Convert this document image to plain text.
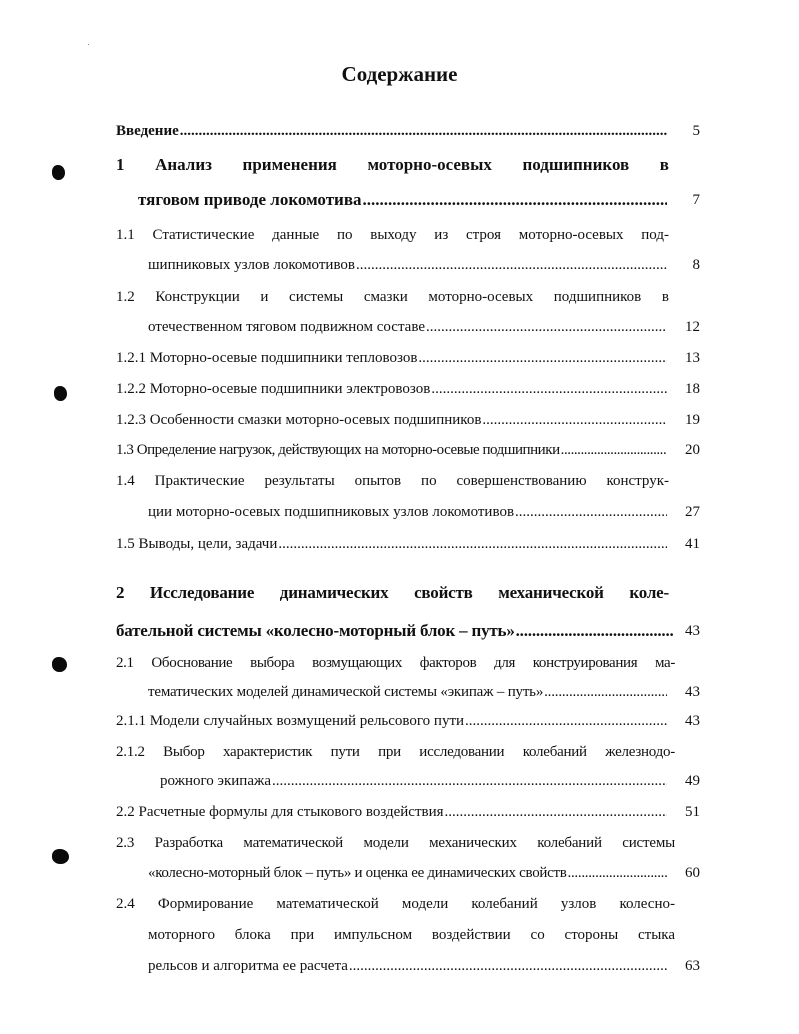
Содержание
Введение .....	5
1 Анализ применения моторно-осевых подшипников в
тяговом приводе локомотива .....	7
1.1 Статистические данные по выходу из строя моторно-осевых под-
шипниковых узлов локомотивов .....	8
1.2 Конструкции и системы смазки моторно-осевых подшипников в
отечественном тяговом подвижном составе .....	12
1.2.1 Моторно-осевые подшипники тепловозов .....	13
1.2.2 Моторно-осевые подшипники электровозов .....	18
1.2.3 Особенности смазки моторно-осевых подшипников .....	19
1.3 Определение нагрузок, действующих на моторно-осевые подшипники .....	20
1.4 Практические результаты опытов по совершенствованию конструк-
ции моторно-осевых подшипниковых узлов локомотивов .....	27
1.5 Выводы, цели, задачи .....	41
2 Исследование динамических свойств механической коле-
бательной системы «колесно-моторный блок – путь» .....	43
2.1 Обоснование выбора возмущающих факторов для конструирования ма-
тематических моделей динамической системы «экипаж – путь» .....	43
2.1.1 Модели случайных возмущений рельсового пути .....	43
2.1.2 Выбор характеристик пути при исследовании колебаний железнодо-
рожного экипажа .....	49
2.2 Расчетные формулы для стыкового воздействия .....	51
2.3 Разработка математической модели механических колебаний системы
«колесно-моторный блок – путь» и оценка ее динамических свойств .....	60
2.4 Формирование математической модели колебаний узлов колесно-
моторного блока при импульсном воздействии со стороны стыка
рельсов и алгоритма ее расчета .....	63
